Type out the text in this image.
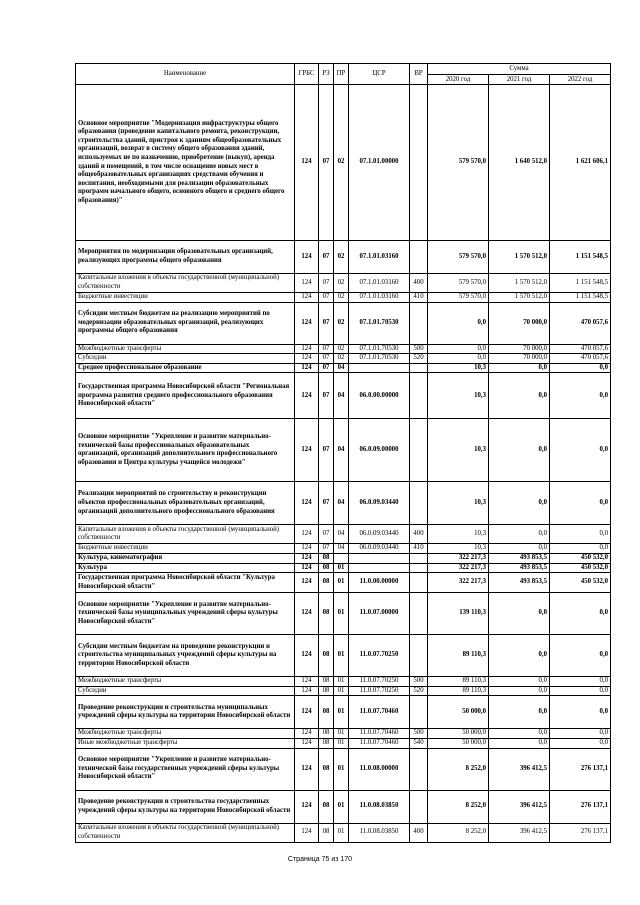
Наименование	ГРБС	РЗ	ПР	ЦСР	ВР	Сумма		
						2020 год	2021 год	2022 год
Основное мероприятие "Модернизация инфраструктуры общего образования (проведение капитального ремонта, реконструкции, строительства зданий, пристроя к зданиям общеобразовательных организаций, возврат в систему общего образования зданий, используемых не по назначению, приобретение (выкуп), аренда зданий и помещений, в том числе оснащение новых мест в общеобразовательных организациях средствами обучения и воспитания, необходимыми для реализации образовательных программ начального общего, основного общего и среднего общего образования)"	124	07	02	07.1.01.00000		579 570,0	1 640 512,0	1 621 606,1
Мероприятия по модернизации образовательных организаций, реализующих программы общего образования	124	07	02	07.1.01.03160		579 570,0	1 570 512,0	1 151 548,5
Капитальные вложения в объекты государственной (муниципальной) собственности	124	07	02	07.1.01.03160	400	579 570,0	1 570 512,0	1 151 548,5
Бюджетные инвестиции	124	07	02	07.1.01.03160	410	579 570,0	1 570 512,0	1 151 548,5
Субсидии местным бюджетам на реализацию мероприятий по модернизации образовательных организаций, реализующих программы общего образования	124	07	02	07.1.01.70530		0,0	70 000,0	470 057,6
Межбюджетные трансферты	124	07	02	07.1.01.70530	500	0,0	70 000,0	470 057,6
Субсидии	124	07	02	07.1.01.70530	520	0,0	70 000,0	470 057,6
Среднее профессиональное образование	124	07	04			10,3	0,0	0,0
Государственная программа Новосибирской области "Региональная программа развития среднего профессионального образования Новосибирской области"	124	07	04	06.0.00.00000		10,3	0,0	0,0
Основное мероприятие "Укрепление и развитие материально-технической базы профессиональных образовательных организаций, организаций дополнительного профессионального образования и Центра культуры учащейся молодежи"	124	07	04	06.0.09.00000		10,3	0,0	0,0
Реализация мероприятий по строительству и реконструкции объектов профессиональных образовательных организаций, организаций дополнительного профессионального образования	124	07	04	06.0.09.03440		10,3	0,0	0,0
Капитальные вложения в объекты государственной (муниципальной) собственности	124	07	04	06.0.09.03440	400	10,3	0,0	0,0
Бюджетные инвестиции	124	07	04	06.0.09.03440	410	10,3	0,0	0,0
Культура, кинематография	124	08				322 217,3	493 853,5	450 532,0
Культура	124	08	01			322 217,3	493 853,5	450 532,0
Государственная программа Новосибирской области "Культура Новосибирской области"	124	08	01	11.0.00.00000		322 217,3	493 853,5	450 532,0
Основное мероприятие "Укрепление и развитие материально-технической базы муниципальных учреждений сферы культуры Новосибирской области"	124	08	01	11.0.07.00000		139 110,3	0,0	0,0
Субсидии местным бюджетам на проведение реконструкции и строительства муниципальных учреждений сферы культуры на территории Новосибирской области	124	08	01	11.0.07.70250		89 110,3	0,0	0,0
Межбюджетные трансферты	124	08	01	11.0.07.70250	500	89 110,3	0,0	0,0
Субсидии	124	08	01	11.0.07.70250	520	89 110,3	0,0	0,0
Проведение реконструкции и строительства муниципальных учреждений сферы культуры на территории Новосибирской области	124	08	01	11.0.07.70460		50 000,0	0,0	0,0
Межбюджетные трансферты	124	08	01	11.0.07.70460	500	50 000,0	0,0	0,0
Иные межбюджетные трансферты	124	08	01	11.0.07.70460	540	50 000,0	0,0	0,0
Основное мероприятие "Укрепление и развитие материально-технической базы государственных учреждений сферы культуры Новосибирской области"	124	08	01	11.0.08.00000		8 252,0	396 412,5	276 137,1
Проведение реконструкции и строительства государственных учреждений сферы культуры на территории Новосибирской области	124	08	01	11.0.08.03850		8 252,0	396 412,5	276 137,1
Капитальные вложения в объекты государственной (муниципальной) собственности	124	08	01	11.0.08.03850	400	8 252,0	396 412,5	276 137,1
Страница 75 из 170
